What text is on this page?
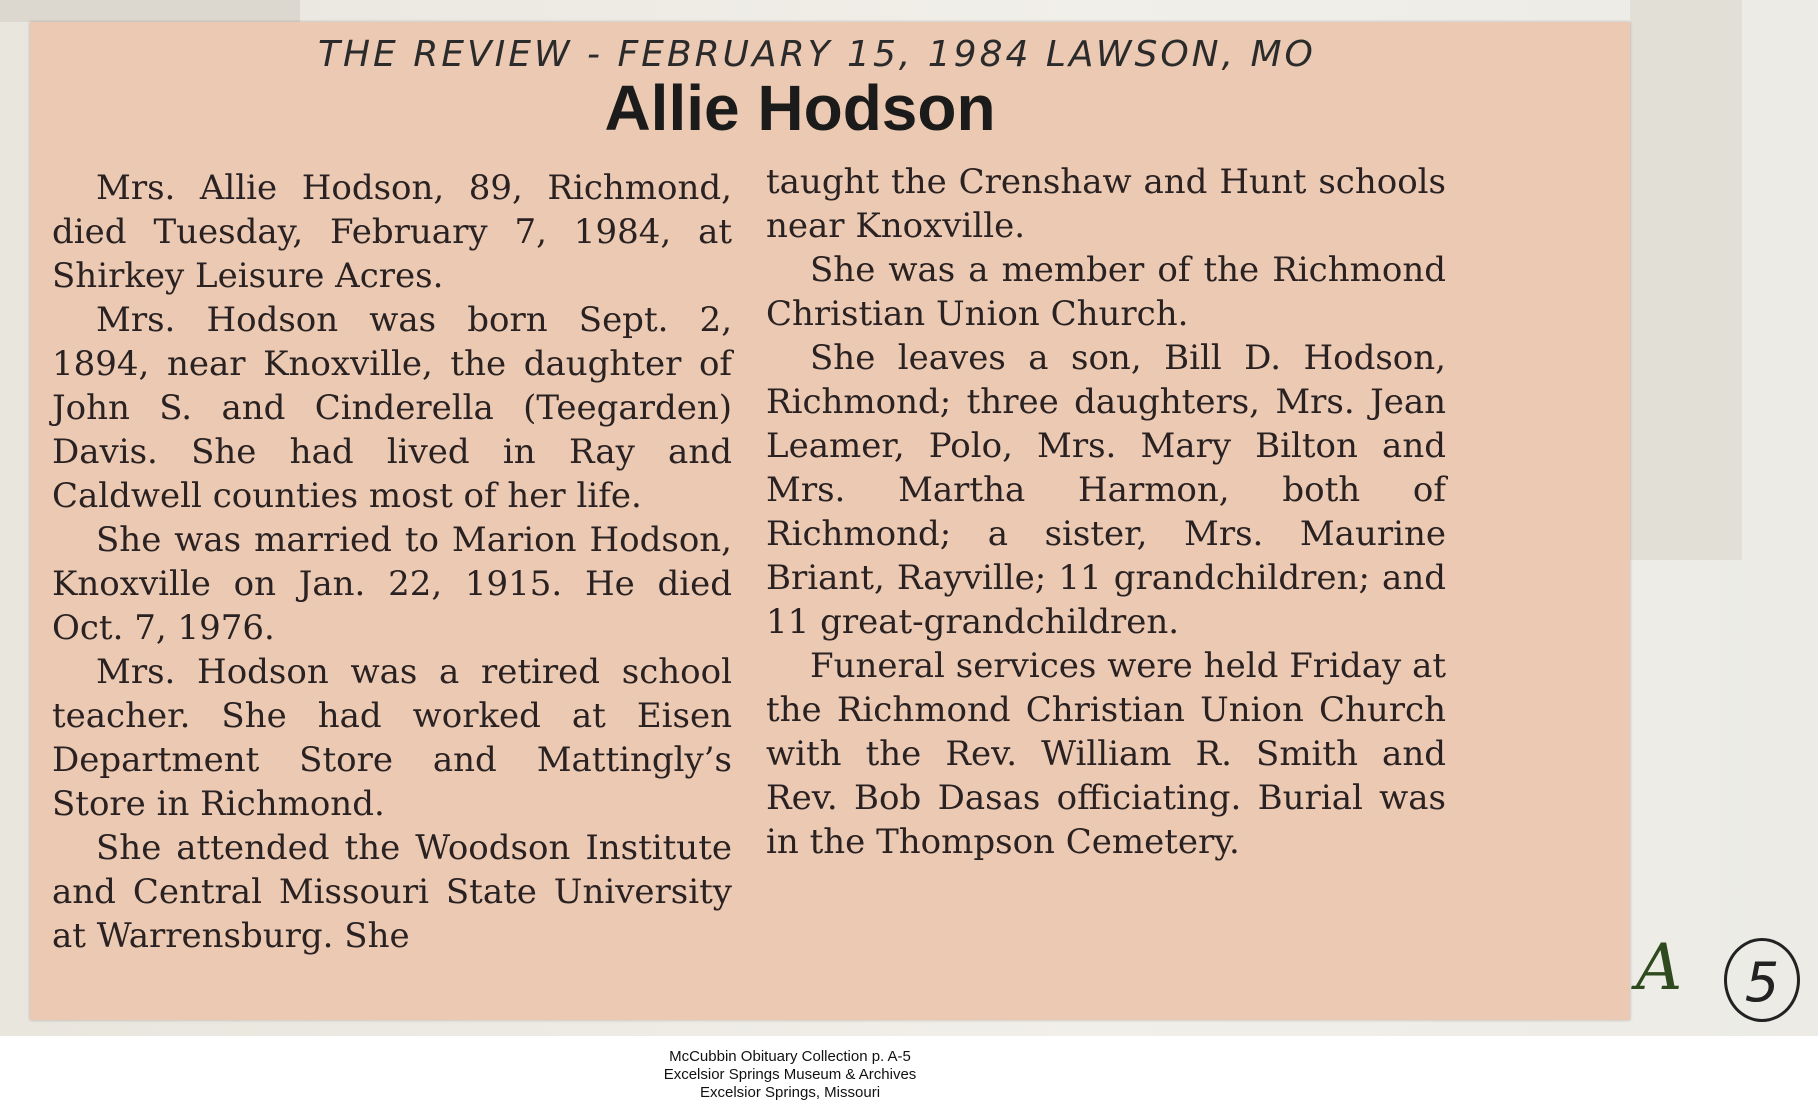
THE REVIEW - FEBRUARY 15, 1984 LAWSON, MO
Allie Hodson

Mrs. Allie Hodson, 89, Richmond, died Tuesday, February 7, 1984, at Shirkey Leisure Acres.

Mrs. Hodson was born Sept. 2, 1894, near Knoxville, the daughter of John S. and Cinderella (Teegarden) Davis. She had lived in Ray and Caldwell counties most of her life.

She was married to Marion Hodson, Knoxville on Jan. 22, 1915. He died Oct. 7, 1976.

Mrs. Hodson was a retired school teacher. She had worked at Eisen Department Store and Mattingly’s Store in Richmond.

She attended the Woodson Institute and Central Missouri State University at Warrensburg. She

taught the Crenshaw and Hunt schools near Knoxville.

She was a member of the Richmond Christian Union Church.

She leaves a son, Bill D. Hodson, Richmond; three daughters, Mrs. Jean Leamer, Polo, Mrs. Mary Bilton and Mrs. Martha Harmon, both of Richmond; a sister, Mrs. Maurine Briant, Rayville; 11 grandchildren; and 11 great-grandchildren.

Funeral services were held Friday at the Richmond Christian Union Church with the Rev. William R. Smith and Rev. Bob Dasas officiating. Burial was in the Thompson Cemetery.

A	5
McCubbin Obituary Collection p. A-5
Excelsior Springs Museum & Archives
Excelsior Springs, Missouri
